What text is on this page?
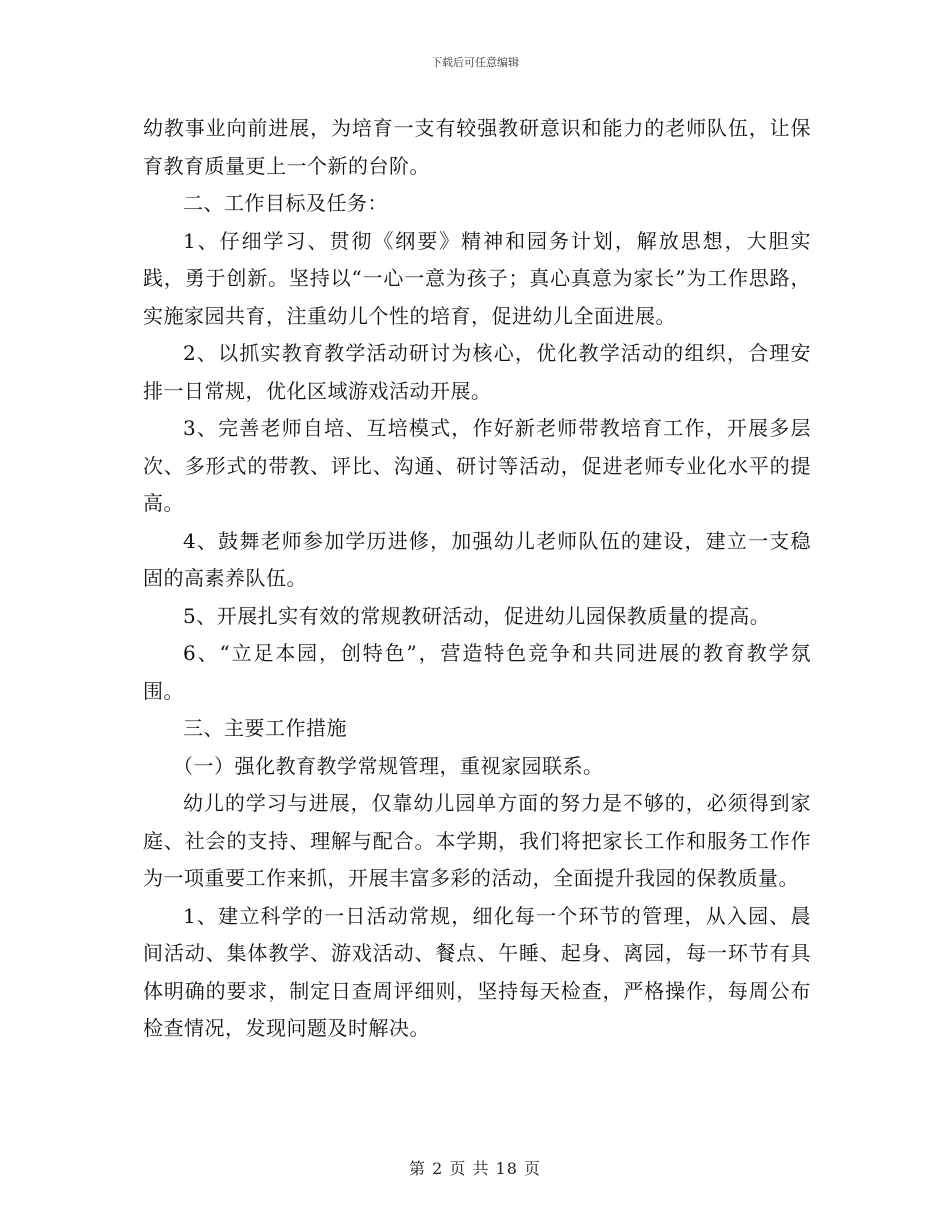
下载后可任意编辑

幼教事业向前进展，为培育一支有较强教研意识和能力的老师队伍，让保育教育质量更上一个新的台阶。

二、工作目标及任务：

1、仔细学习、贯彻《纲要》精神和园务计划，解放思想，大胆实践，勇于创新。坚持以“一心一意为孩子；真心真意为家长”为工作思路，实施家园共育，注重幼儿个性的培育，促进幼儿全面进展。

2、以抓实教育教学活动研讨为核心，优化教学活动的组织，合理安排一日常规，优化区域游戏活动开展。

3、完善老师自培、互培模式，作好新老师带教培育工作，开展多层次、多形式的带教、评比、沟通、研讨等活动，促进老师专业化水平的提高。

4、鼓舞老师参加学历进修，加强幼儿老师队伍的建设，建立一支稳固的高素养队伍。

5、开展扎实有效的常规教研活动，促进幼儿园保教质量的提高。

6、“立足本园，创特色”，营造特色竞争和共同进展的教育教学氛围。

三、主要工作措施

（一）强化教育教学常规管理，重视家园联系。

幼儿的学习与进展，仅靠幼儿园单方面的努力是不够的，必须得到家庭、社会的支持、理解与配合。本学期，我们将把家长工作和服务工作作为一项重要工作来抓，开展丰富多彩的活动，全面提升我园的保教质量。

1、建立科学的一日活动常规，细化每一个环节的管理，从入园、晨间活动、集体教学、游戏活动、餐点、午睡、起身、离园，每一环节有具体明确的要求，制定日查周评细则，坚持每天检查，严格操作，每周公布检查情况，发现问题及时解决。

第 2 页 共 18 页
